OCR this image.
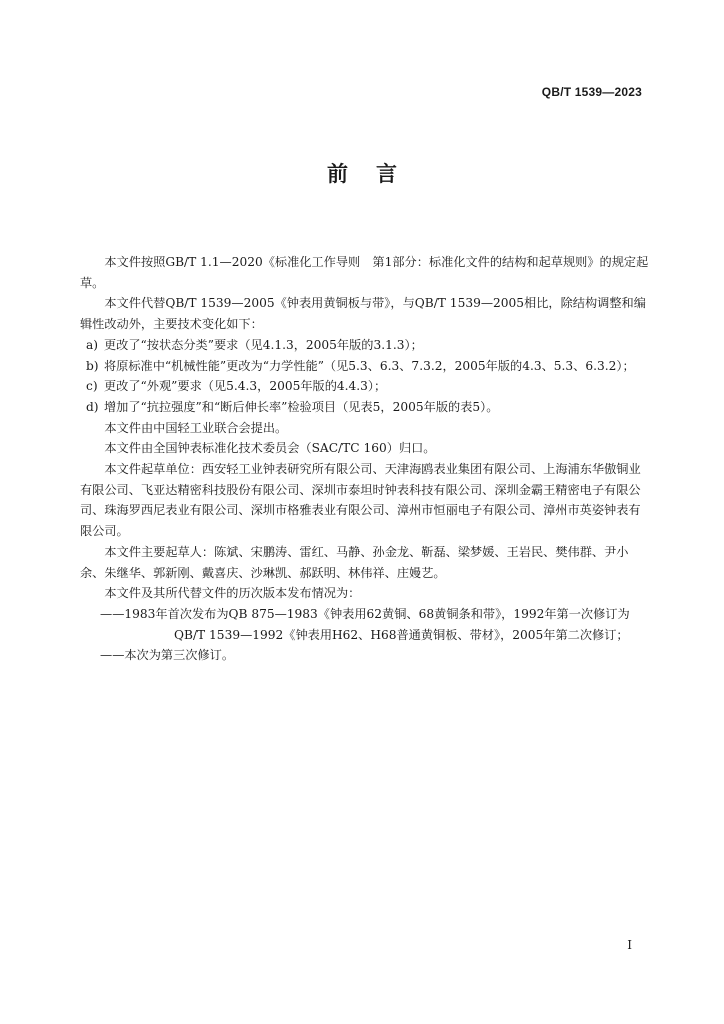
QB/T 1539—2023
前言

本文件按照GB/T 1.1—2020《标准化工作导则　第1部分：标准化文件的结构和起草规则》的规定起草。

本文件代替QB/T 1539—2005《钟表用黄铜板与带》，与QB/T 1539—2005相比，除结构调整和编辑性改动外，主要技术变化如下：

a) 更改了“按状态分类”要求（见4.1.3，2005年版的3.1.3）；

b) 将原标准中“机械性能”更改为“力学性能”（见5.3、6.3、7.3.2，2005年版的4.3、5.3、6.3.2）；

c) 更改了“外观”要求（见5.4.3，2005年版的4.4.3）；

d) 增加了“抗拉强度”和“断后伸长率”检验项目（见表5，2005年版的表5）。

本文件由中国轻工业联合会提出。

本文件由全国钟表标准化技术委员会（SAC/TC 160）归口。

本文件起草单位：西安轻工业钟表研究所有限公司、天津海鸥表业集团有限公司、上海浦东华傲铜业有限公司、飞亚达精密科技股份有限公司、深圳市泰坦时钟表科技有限公司、深圳金霸王精密电子有限公司、珠海罗西尼表业有限公司、深圳市格雅表业有限公司、漳州市恒丽电子有限公司、漳州市英姿钟表有限公司。

本文件主要起草人：陈斌、宋鹏涛、雷红、马静、孙金龙、靳磊、梁梦媛、王岩民、樊伟群、尹小余、朱继华、郭新刚、戴喜庆、沙琳凯、郝跃明、林伟祥、庄嫚艺。

本文件及其所代替文件的历次版本发布情况为：

——1983年首次发布为QB 875—1983《钟表用62黄铜、68黄铜条和带》，1992年第一次修订为

QB/T 1539—1992《钟表用H62、H68普通黄铜板、带材》，2005年第二次修订；

——本次为第三次修订。

I
